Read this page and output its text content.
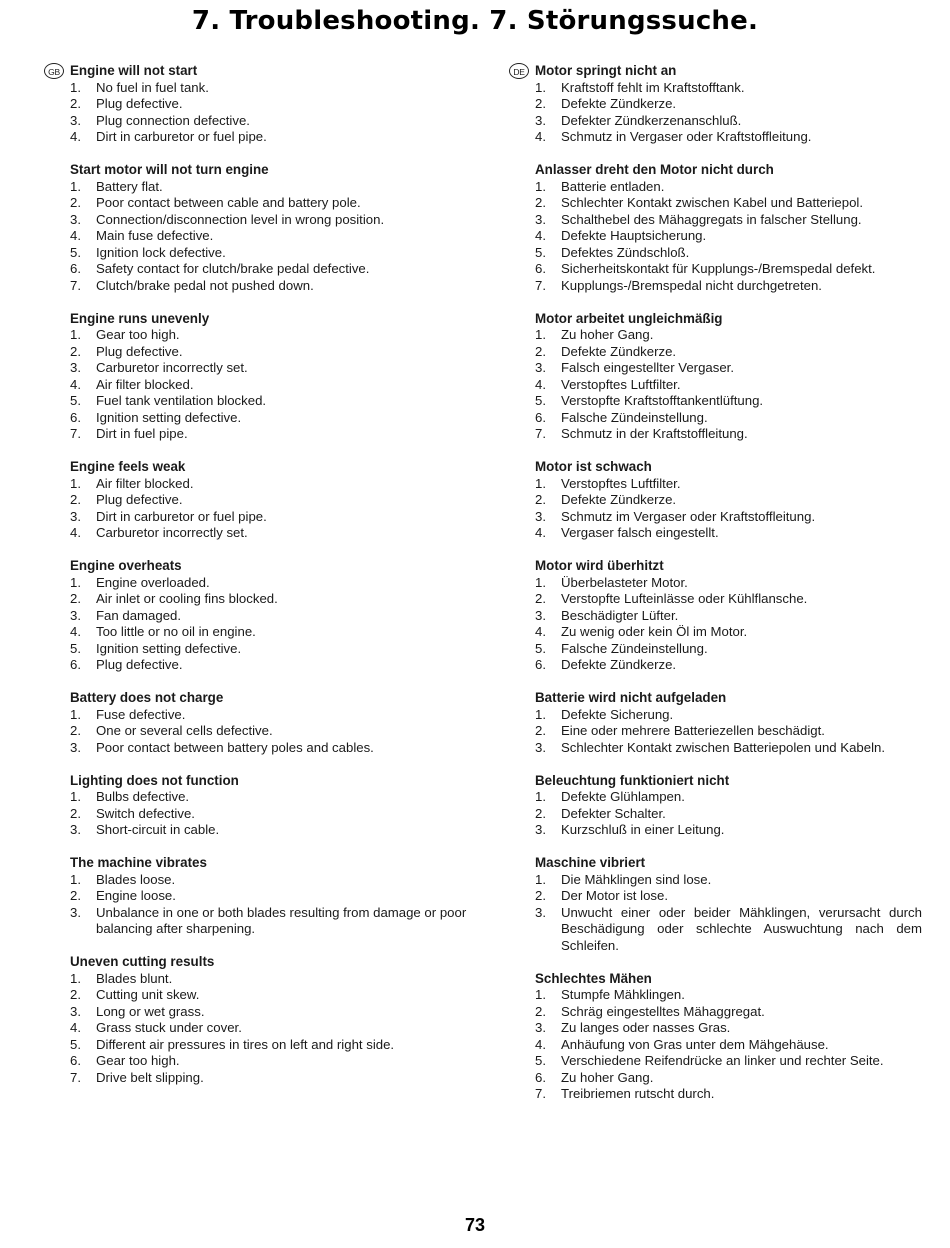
7. Troubleshooting. 7. Störungssuche.
GB Engine will not start
1. No fuel in fuel tank.
2. Plug defective.
3. Plug connection defective.
4. Dirt in carburetor or fuel pipe.
Start motor will not turn engine
1. Battery flat.
2. Poor contact between cable and battery pole.
3. Connection/disconnection level in wrong position.
4. Main fuse defective.
5. Ignition lock defective.
6. Safety contact for clutch/brake pedal defective.
7. Clutch/brake pedal not pushed down.
Engine runs unevenly
1. Gear too high.
2. Plug defective.
3. Carburetor incorrectly set.
4. Air filter blocked.
5. Fuel tank ventilation blocked.
6. Ignition setting defective.
7. Dirt in fuel pipe.
Engine feels weak
1. Air filter blocked.
2. Plug defective.
3. Dirt in carburetor or fuel pipe.
4. Carburetor incorrectly set.
Engine overheats
1. Engine overloaded.
2. Air inlet or cooling fins blocked.
3. Fan damaged.
4. Too little or no oil in engine.
5. Ignition setting defective.
6. Plug defective.
Battery does not charge
1. Fuse defective.
2. One or several cells defective.
3. Poor contact between battery poles and cables.
Lighting does not function
1. Bulbs defective.
2. Switch defective.
3. Short-circuit in cable.
The machine vibrates
1. Blades loose.
2. Engine loose.
3. Unbalance in one or both blades resulting from damage or poor balancing after sharpening.
Uneven cutting results
1. Blades blunt.
2. Cutting unit skew.
3. Long or wet grass.
4. Grass stuck under cover.
5. Different air pressures in tires on left and right side.
6. Gear too high.
7. Drive belt slipping.
DE Motor springt nicht an
1. Kraftstoff fehlt im Kraftstofftank.
2. Defekte Zündkerze.
3. Defekter Zündkerzenanschluß.
4. Schmutz in Vergaser oder Kraftstoffleitung.
Anlasser dreht den Motor nicht durch
1. Batterie entladen.
2. Schlechter Kontakt zwischen Kabel und Batteriepol.
3. Schalthebel des Mähaggregats in falscher Stellung.
4. Defekte Hauptsicherung.
5. Defektes Zündschloß.
6. Sicherheitskontakt für Kupplungs-/Bremspedal defekt.
7. Kupplungs-/Bremspedal nicht durchgetreten.
Motor arbeitet ungleichmäßig
1. Zu hoher Gang.
2. Defekte Zündkerze.
3. Falsch eingestellter Vergaser.
4. Verstopftes Luftfilter.
5. Verstopfte Kraftstofftankentlüftung.
6. Falsche Zündeinstellung.
7. Schmutz in der Kraftstoffleitung.
Motor ist schwach
1. Verstopftes Luftfilter.
2. Defekte Zündkerze.
3. Schmutz im Vergaser oder Kraftstoffleitung.
4. Vergaser falsch eingestellt.
Motor wird überhitzt
1. Überbelasteter Motor.
2. Verstopfte Lufteinlässe oder Kühlflansche.
3. Beschädigter Lüfter.
4. Zu wenig oder kein Öl im Motor.
5. Falsche Zündeinstellung.
6. Defekte Zündkerze.
Batterie wird nicht aufgeladen
1. Defekte Sicherung.
2. Eine oder mehrere Batteriezellen beschädigt.
3. Schlechter Kontakt zwischen Batteriepolen und Kabeln.
Beleuchtung funktioniert nicht
1. Defekte Glühlampen.
2. Defekter Schalter.
3. Kurzschluß in einer Leitung.
Maschine vibriert
1. Die Mähklingen sind lose.
2. Der Motor ist lose.
3. Unwucht einer oder beider Mähklingen, verursacht durch Beschädigung oder schlechte Auswuchtung nach dem Schleifen.
Schlechtes Mähen
1. Stumpfe Mähklingen.
2. Schräg eingestelltes Mähaggregat.
3. Zu langes oder nasses Gras.
4. Anhäufung von Gras unter dem Mähgehäuse.
5. Verschiedene Reifendrücke an linker und rechter Seite.
6. Zu hoher Gang.
7. Treibriemen rutscht durch.
73
